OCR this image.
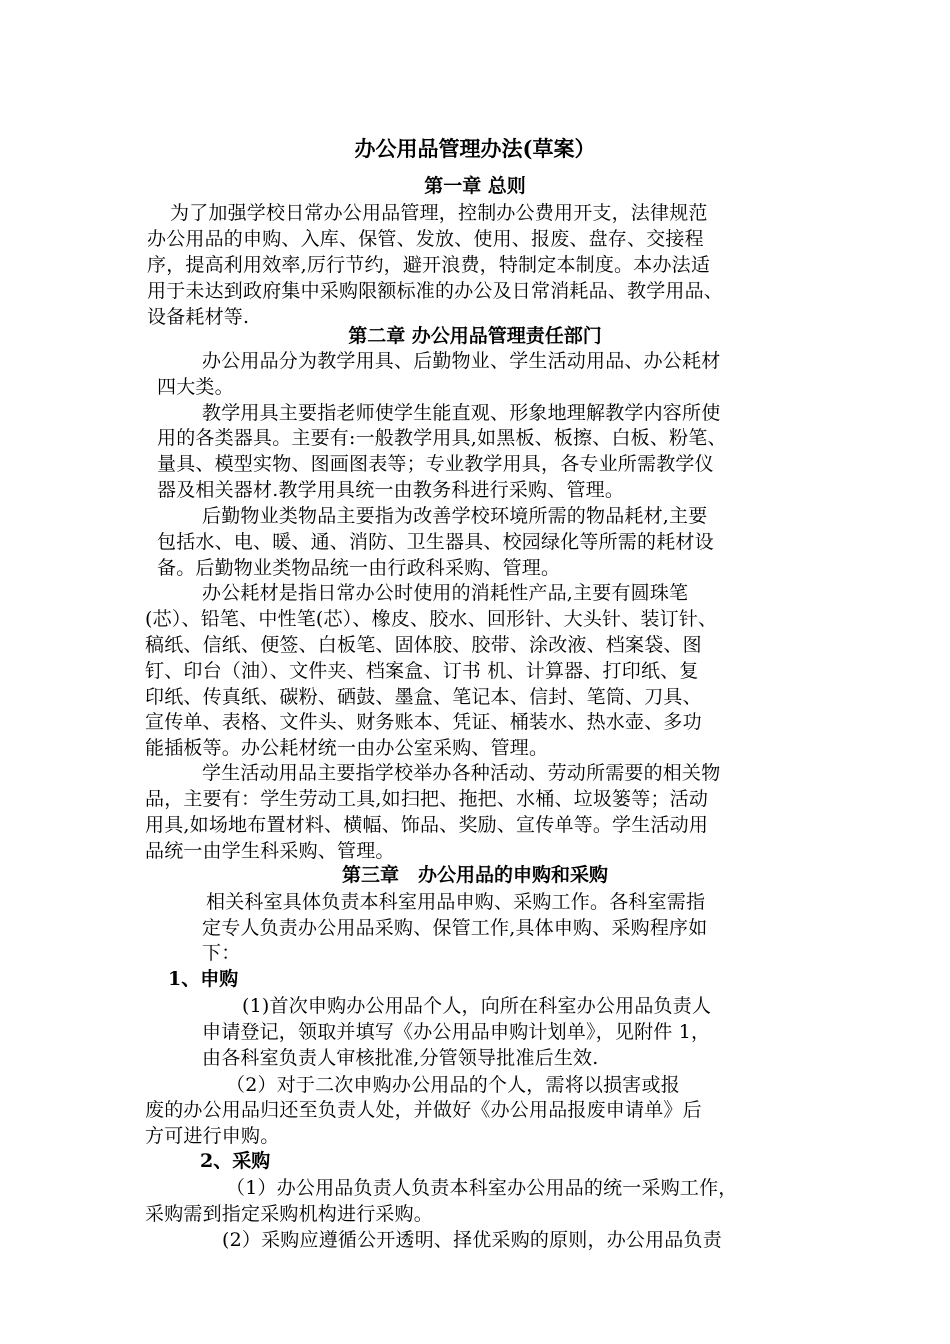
办公用品管理办法(草案）
第一章 总则
为了加强学校日常办公用品管理，控制办公费用开支，法律规范
办公用品的申购、入库、保管、发放、使用、报废、盘存、交接程
序，提高利用效率,厉行节约，避开浪费，特制定本制度。本办法适
用于未达到政府集中采购限额标准的办公及日常消耗品、教学用品、
设备耗材等.
第二章 办公用品管理责任部门
办公用品分为教学用具、后勤物业、学生活动用品、办公耗材
四大类。
教学用具主要指老师使学生能直观、形象地理解教学内容所使
用的各类器具。主要有:一般教学用具,如黑板、板擦、白板、粉笔、
量具、模型实物、图画图表等；专业教学用具，各专业所需教学仪
器及相关器材.教学用具统一由教务科进行采购、管理。
后勤物业类物品主要指为改善学校环境所需的物品耗材,主要
包括水、电、暖、通、消防、卫生器具、校园绿化等所需的耗材设
备。后勤物业类物品统一由行政科采购、管理。
办公耗材是指日常办公时使用的消耗性产品,主要有圆珠笔
(芯）、铅笔、中性笔(芯）、橡皮、胶水、回形针、大头针、装订针、
稿纸、信纸、便签、白板笔、固体胶、胶带、涂改液、档案袋、图
钉、印台（油）、文件夹、档案盒、订书 机、计算器、打印纸、复
印纸、传真纸、碳粉、硒鼓、墨盒、笔记本、信封、笔筒、刀具、
宣传单、表格、文件头、财务账本、凭证、桶装水、热水壶、多功
能插板等。办公耗材统一由办公室采购、管理。
学生活动用品主要指学校举办各种活动、劳动所需要的相关物
品，主要有：学生劳动工具,如扫把、拖把、水桶、垃圾篓等；活动
用具,如场地布置材料、横幅、饰品、奖励、宣传单等。学生活动用
品统一由学生科采购、管理。
第三章　办公用品的申购和采购
相关科室具体负责本科室用品申购、采购工作。各科室需指
定专人负责办公用品采购、保管工作,具体申购、采购程序如
下：
1、申购
(1)首次申购办公用品个人，向所在科室办公用品负责人
申请登记，领取并填写《办公用品申购计划单》，见附件 1，
由各科室负责人审核批准,分管领导批准后生效.
（2）对于二次申购办公用品的个人，需将以损害或报
废的办公用品归还至负责人处，并做好《办公用品报废申请单》后
方可进行申购。
2、采购
（1）办公用品负责人负责本科室办公用品的统一采购工作，
采购需到指定采购机构进行采购。
(2）采购应遵循公开透明、择优采购的原则，办公用品负责
